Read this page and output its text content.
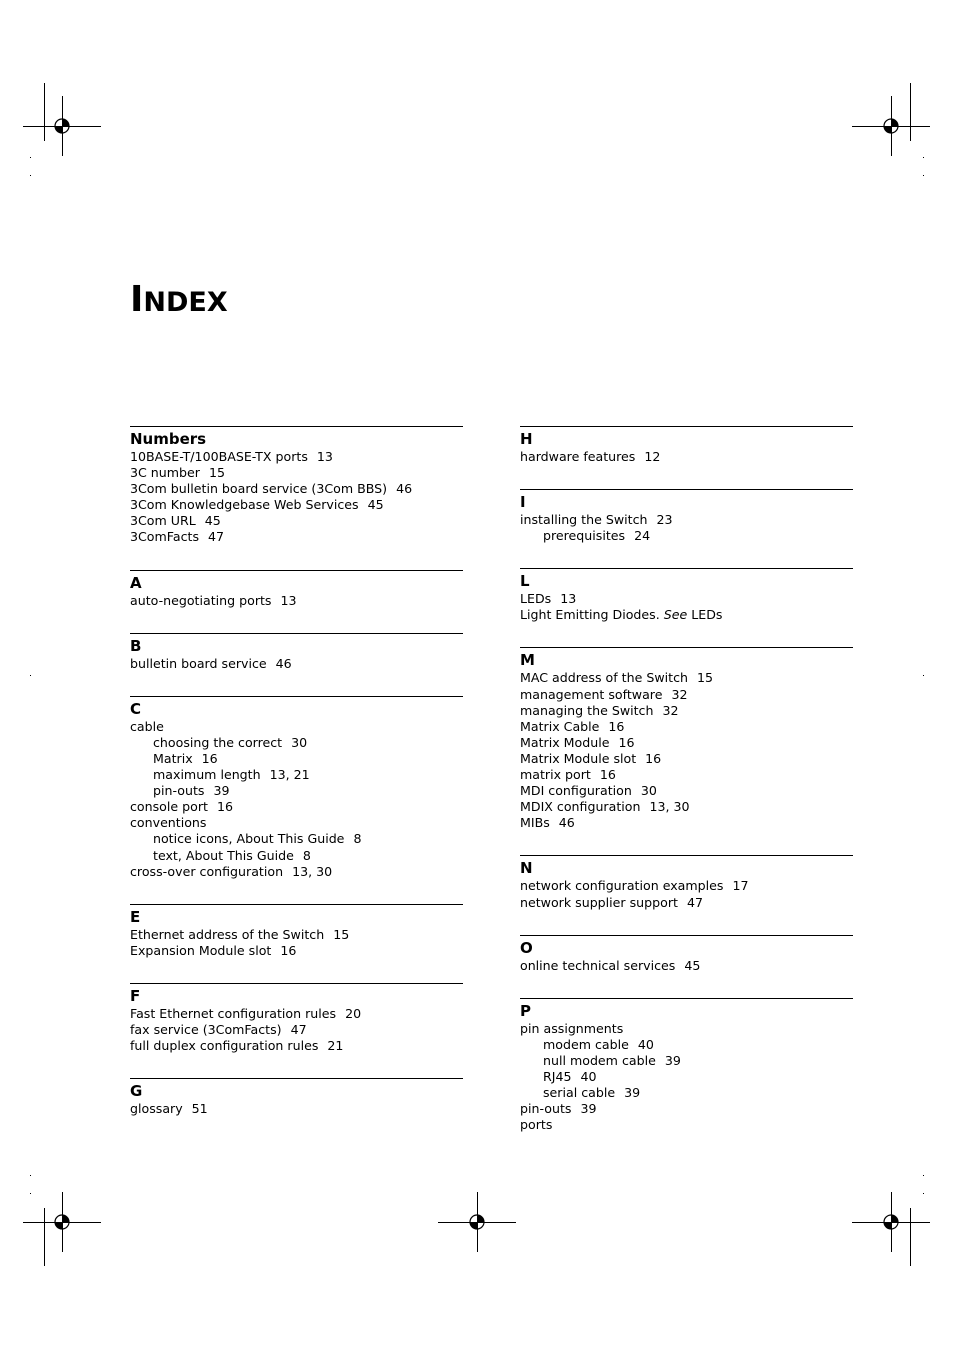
INDEX
Numbers
10BASE-T/100BASE-TX ports 13
3C number 15
3Com bulletin board service (3Com BBS) 46
3Com Knowledgebase Web Services 45
3Com URL 45
3ComFacts 47
A
auto-negotiating ports 13
B
bulletin board service 46
C
cable
choosing the correct 30
Matrix 16
maximum length 13, 21
pin-outs 39
console port 16
conventions
notice icons, About This Guide 8
text, About This Guide 8
cross-over configuration 13, 30
E
Ethernet address of the Switch 15
Expansion Module slot 16
F
Fast Ethernet configuration rules 20
fax service (3ComFacts) 47
full duplex configuration rules 21
G
glossary 51
H
hardware features 12
I
installing the Switch 23
prerequisites 24
L
LEDs 13
Light Emitting Diodes. See LEDs
M
MAC address of the Switch 15
management software 32
managing the Switch 32
Matrix Cable 16
Matrix Module 16
Matrix Module slot 16
matrix port 16
MDI configuration 30
MDIX configuration 13, 30
MIBs 46
N
network configuration examples 17
network supplier support 47
O
online technical services 45
P
pin assignments
modem cable 40
null modem cable 39
RJ45 40
serial cable 39
pin-outs 39
ports
